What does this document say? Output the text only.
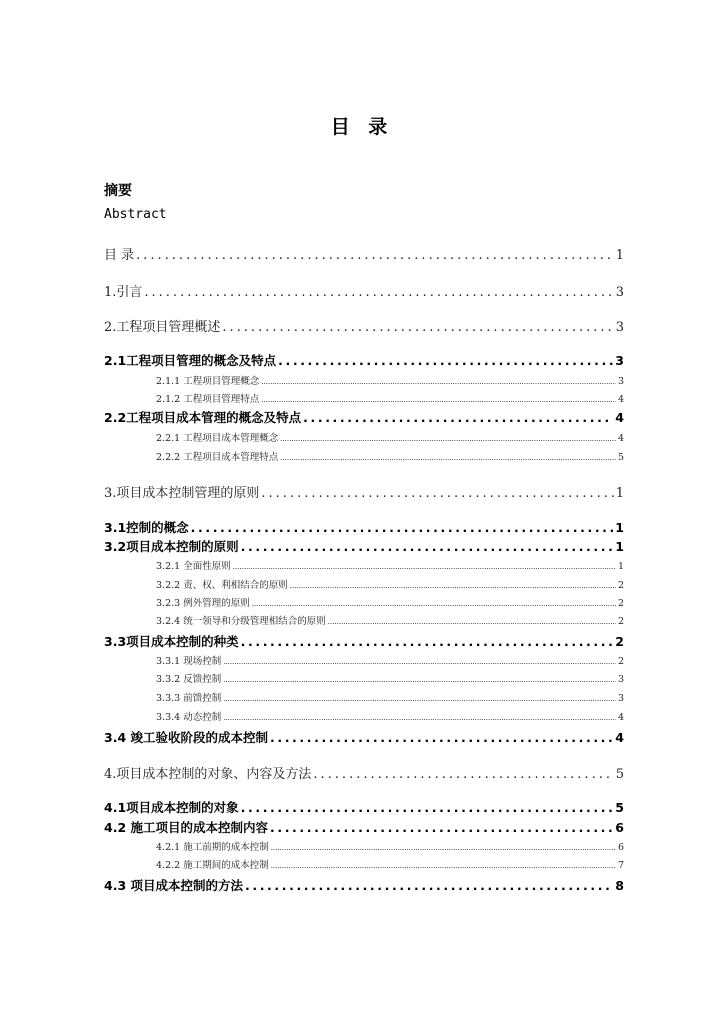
目 录
摘要
Abstract
目 录 .....	1
1.引言 .....	3
2.工程项目管理概述 .....	3
2.1工程项目管理的概念及特点 .....	3
2.1.1 工程项目管理概念 .....	3
2.1.2 工程项目管理特点 .....	4
2.2工程项目成本管理的概念及特点 .....	4
2.2.1 工程项目成本管理概念 .....	4
2.2.2 工程项目成本管理特点 .....	5
3.项目成本控制管理的原则 .....	1
3.1控制的概念 .....	1
3.2项目成本控制的原则 .....	1
3.2.1 全面性原则 .....	1
3.2.2 责、权、利相结合的原则 .....	2
3.2.3 例外管理的原则 .....	2
3.2.4 统一领导和分级管理相结合的原则 .....	2
3.3项目成本控制的种类 .....	2
3.3.1 现场控制 .....	2
3.3.2 反馈控制 .....	3
3.3.3 前馈控制 .....	3
3.3.4 动态控制 .....	4
3.4 竣工验收阶段的成本控制 .....	4
4.项目成本控制的对象、内容及方法 .....	5
4.1项目成本控制的对象 .....	5
4.2 施工项目的成本控制内容 .....	6
4.2.1 施工前期的成本控制 .....	6
4.2.2 施工期间的成本控制 .....	7
4.3 项目成本控制的方法 .....	8
